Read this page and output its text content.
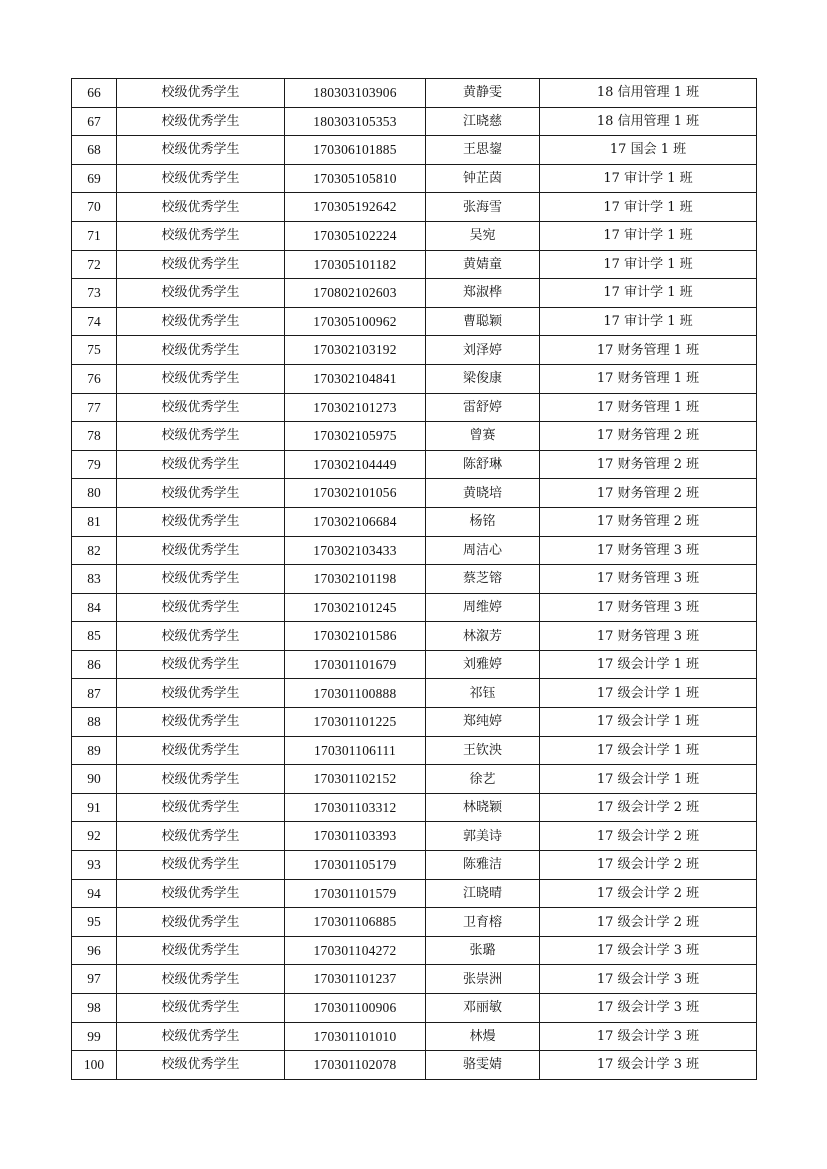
66	校级优秀学生	180303103906	黄静雯	18 信用管理 1 班
67	校级优秀学生	180303105353	江晓慈	18 信用管理 1 班
68	校级优秀学生	170306101885	王思鋆	17 国会 1 班
69	校级优秀学生	170305105810	钟芷茵	17 审计学 1 班
70	校级优秀学生	170305192642	张海雪	17 审计学 1 班
71	校级优秀学生	170305102224	吴宛	17 审计学 1 班
72	校级优秀学生	170305101182	黄婧童	17 审计学 1 班
73	校级优秀学生	170802102603	郑淑桦	17 审计学 1 班
74	校级优秀学生	170305100962	曹聪颖	17 审计学 1 班
75	校级优秀学生	170302103192	刘泽婷	17 财务管理 1 班
76	校级优秀学生	170302104841	梁俊康	17 财务管理 1 班
77	校级优秀学生	170302101273	雷舒婷	17 财务管理 1 班
78	校级优秀学生	170302105975	曾赛	17 财务管理 2 班
79	校级优秀学生	170302104449	陈舒琳	17 财务管理 2 班
80	校级优秀学生	170302101056	黄晓培	17 财务管理 2 班
81	校级优秀学生	170302106684	杨铭	17 财务管理 2 班
82	校级优秀学生	170302103433	周洁心	17 财务管理 3 班
83	校级优秀学生	170302101198	蔡芝镕	17 财务管理 3 班
84	校级优秀学生	170302101245	周维婷	17 财务管理 3 班
85	校级优秀学生	170302101586	林溆芳	17 财务管理 3 班
86	校级优秀学生	170301101679	刘雅婷	17 级会计学 1 班
87	校级优秀学生	170301100888	祁钰	17 级会计学 1 班
88	校级优秀学生	170301101225	郑纯婷	17 级会计学 1 班
89	校级优秀学生	170301106111	王钦泱	17 级会计学 1 班
90	校级优秀学生	170301102152	徐艺	17 级会计学 1 班
91	校级优秀学生	170301103312	林晓颖	17 级会计学 2 班
92	校级优秀学生	170301103393	郭美诗	17 级会计学 2 班
93	校级优秀学生	170301105179	陈雅洁	17 级会计学 2 班
94	校级优秀学生	170301101579	江晓晴	17 级会计学 2 班
95	校级优秀学生	170301106885	卫育榕	17 级会计学 2 班
96	校级优秀学生	170301104272	张璐	17 级会计学 3 班
97	校级优秀学生	170301101237	张崇洲	17 级会计学 3 班
98	校级优秀学生	170301100906	邓丽敏	17 级会计学 3 班
99	校级优秀学生	170301101010	林熳	17 级会计学 3 班
100	校级优秀学生	170301102078	骆雯婧	17 级会计学 3 班
